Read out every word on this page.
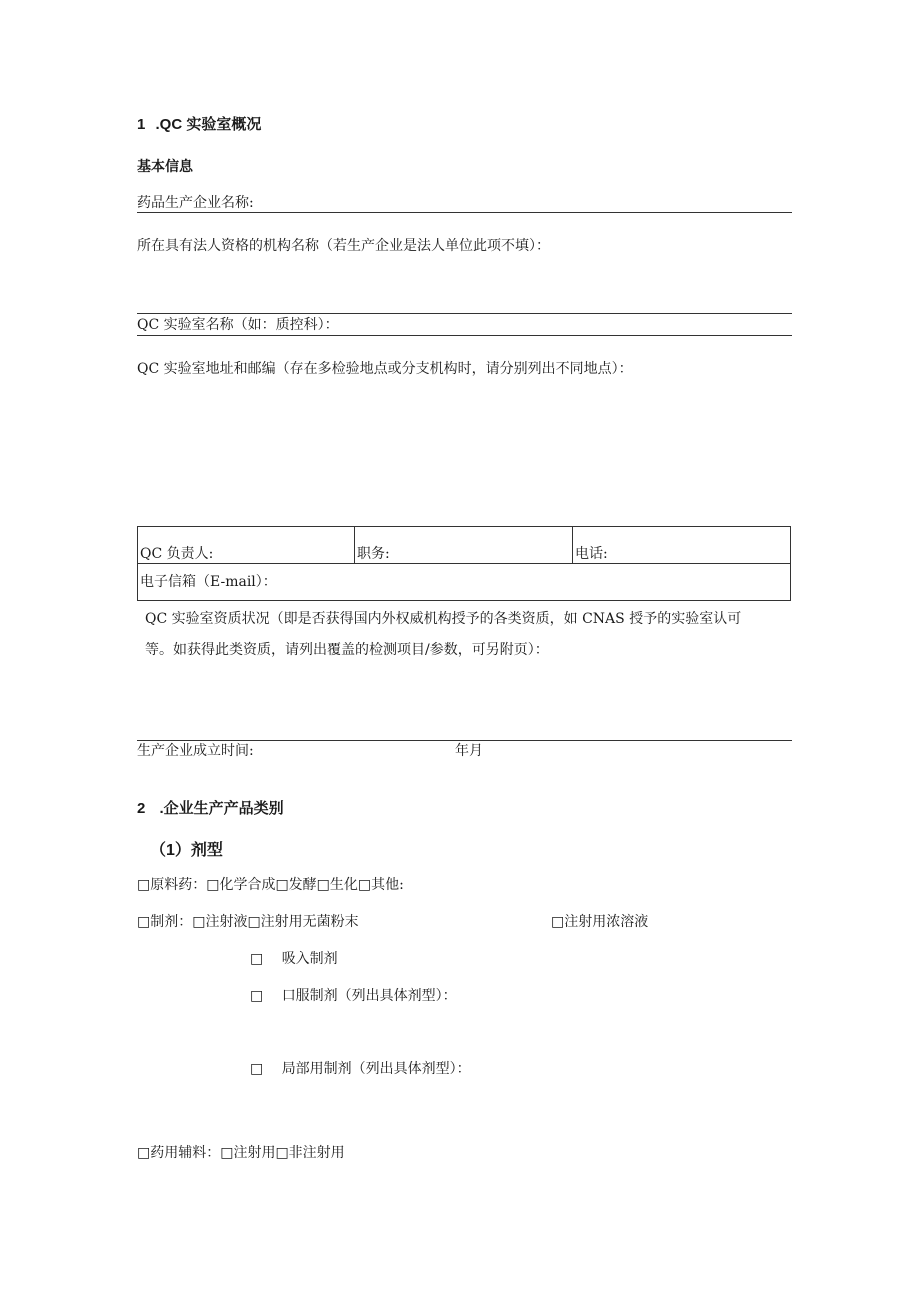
1 .QC 实验室概况
基本信息
药品生产企业名称:
所在具有法人资格的机构名称（若生产企业是法人单位此项不填）：
QC 实验室名称（如：质控科）：
QC 实验室地址和邮编（存在多检验地点或分支机构时，请分别列出不同地点）：
QC 负责人:	职务:	电话:
电子信箱（E-mail）：
QC 实验室资质状况（即是否获得国内外权威机构授予的各类资质，如 CNAS 授予的实验室认可
等。如获得此类资质，请列出覆盖的检测项目/参数，可另附页）：
生产企业成立时间:	年月
2 .企业生产产品类别
（1）剂型
□原料药：□化学合成□发酵□生化□其他:
□制剂：□注射液□注射用无菌粉末	□注射用浓溶液
□ 吸入制剂
□ 口服制剂（列出具体剂型）：
□ 局部用制剂（列出具体剂型）：
□药用辅料：□注射用□非注射用
